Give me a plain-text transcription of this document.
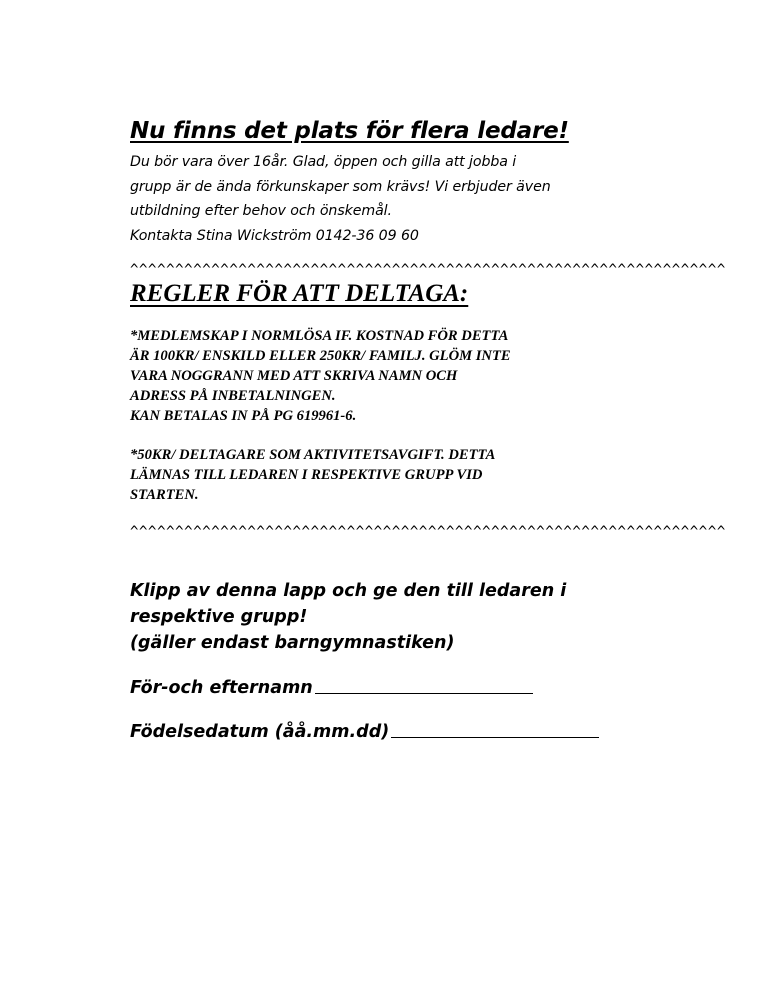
Nu finns det plats för flera ledare!

Du bör vara över 16år. Glad, öppen och gilla att jobba i

grupp är de ända förkunskaper som krävs! Vi erbjuder även

utbildning efter behov och önskemål.

Kontakta Stina Wickström 0142-36 09 60

^^^^^^^^^^^^^^^^^^^^^^^^^^^^^^^^^^^^^^^^^^^^^^^^^^^^^^^^^^^^^^^^^^
REGLER FÖR ATT DELTAGA:

*MEDLEMSKAP I NORMLÖSA IF. KOSTNAD FÖR DETTA

ÄR 100KR/ ENSKILD ELLER 250KR/ FAMILJ. GLÖM INTE

VARA NOGGRANN MED ATT SKRIVA NAMN OCH

ADRESS PÅ INBETALNINGEN.

KAN BETALAS IN PÅ PG 619961-6.

*50KR/ DELTAGARE SOM AKTIVITETSAVGIFT. DETTA

LÄMNAS TILL LEDAREN I RESPEKTIVE GRUPP VID

STARTEN.

^^^^^^^^^^^^^^^^^^^^^^^^^^^^^^^^^^^^^^^^^^^^^^^^^^^^^^^^^^^^^^^^^^

Klipp av denna lapp och ge den till ledaren i

respektive grupp!

(gäller endast barngymnastiken)

För-och efternamn
Födelsedatum (åå.mm.dd)
